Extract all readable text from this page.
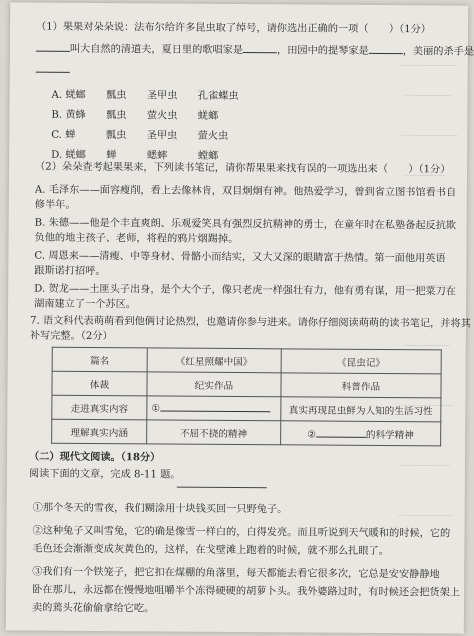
（1）果果对朵朵说：法布尔给许多昆虫取了绰号，请你选出正确的一项（　　）（1分）
叫大自然的清道夫，夏日里的歌唱家是	，田园中的提琴家是	，美丽的杀手是
A. 蜣螂　　瓢虫　　圣甲虫　　孔雀蝶虫
B. 黄蜂　　瓢虫　　萤火虫　　蜣螂
C. 蝉　　　瓢虫　　圣甲虫　　萤火虫
D. 蜣螂　　蝉　　　蟋蟀　　　螳螂
（2）朵朵查考起果果来，下列读书笔记，请你帮果果来找有误的一项选出来（　　）（1分）
A. 毛泽东——面容瘦削，看上去像林肯，双目炯炯有神。他热爱学习，曾到省立图书馆看书自
修半年。
B. 朱德——他是个丰直爽朗、乐观爱笑具有强烈反抗精神的勇士，在童年时在私塾备起反抗欺
负他的地主孩子、老师，将程的鸦片烟踢掉。
C. 周恩来——清瘦、中等身材、骨骼小而结实，又大又深的眼睛富于热情。第一面他用英语
跟斯诺打招呼。
D. 贺龙——土匪头子出身，是个大个子，像只老虎一样强壮有力，他有勇有谋，用一把菜刀在
湖南建立了一个苏区。
7. 语文科代表萌萌看到他俩讨论热烈，也邀请你参与进来。请你仔细阅读萌萌的读书笔记，并将其
补写完整。（2分）
篇名	《红星照耀中国》	《昆虫记》
体裁	纪实作品	科普作品
走进真实内容	①	真实再现昆虫鲜为人知的生活习性
理解真实内涵	不屈不挠的精神	② 的科学精神
（二）现代文阅读。（18分）
阅读下面的文章，完成 8-11 题。
①那个冬天的雪夜，我们糊涂用十块钱买回一只野兔子。
②这种兔子又叫雪兔，它的确是像雪一样白的，白得发亮。而且听说到天气暖和的时候，它的
毛色还会渐渐变成灰黄色的，这样，在戈壁滩上跑着的时候，就不那么扎眼了。
③我们有一个铁笼子，把它扣在煤棚的角落里，每天都能去看它很多次，它总是安安静静地
卧在那儿，永远都在慢慢地咀嚼半个冻得硬硬的胡萝卜头。我外婆路过时，有时候还会把货架上
卖的蔫头花偷偷拿给它吃。
